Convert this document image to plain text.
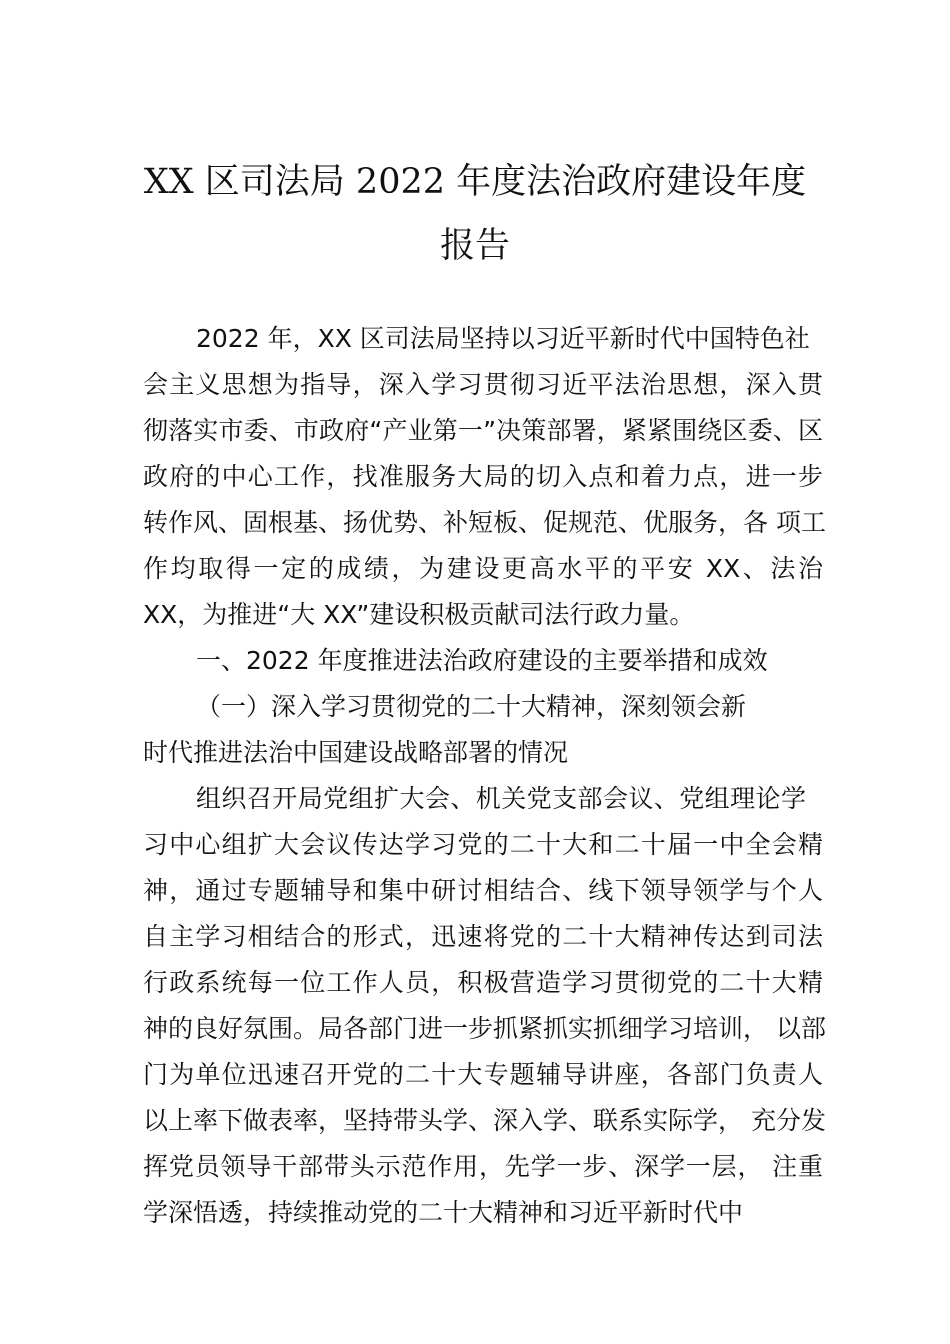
XX 区司法局 2022 年度法治政府建设年度
报告

2022 年，XX 区司法局坚持以习近平新时代中国特色社

会主义思想为指导，深入学习贯彻习近平法治思想，深入贯

彻落实市委、市政府“产业第一”决策部署，紧紧围绕区委、区

政府的中心工作，找准服务大局的切入点和着力点，进一步

转作风、固根基、扬优势、补短板、促规范、优服务，各 项工

作均取得一定的成绩，为建设更高水平的平安 XX、法治

XX，为推进“大 XX”建设积极贡献司法行政力量。

一、2022 年度推进法治政府建设的主要举措和成效

（一）深入学习贯彻党的二十大精神，深刻领会新

时代推进法治中国建设战略部署的情况

组织召开局党组扩大会、机关党支部会议、党组理论学

习中心组扩大会议传达学习党的二十大和二十届一中全会精

神，通过专题辅导和集中研讨相结合、线下领导领学与个人

自主学习相结合的形式，迅速将党的二十大精神传达到司法

行政系统每一位工作人员，积极营造学习贯彻党的二十大精

神的良好氛围。局各部门进一步抓紧抓实抓细学习培训， 以部

门为单位迅速召开党的二十大专题辅导讲座，各部门负责人

以上率下做表率，坚持带头学、深入学、联系实际学， 充分发

挥党员领导干部带头示范作用，先学一步、深学一层， 注重

学深悟透，持续推动党的二十大精神和习近平新时代中
